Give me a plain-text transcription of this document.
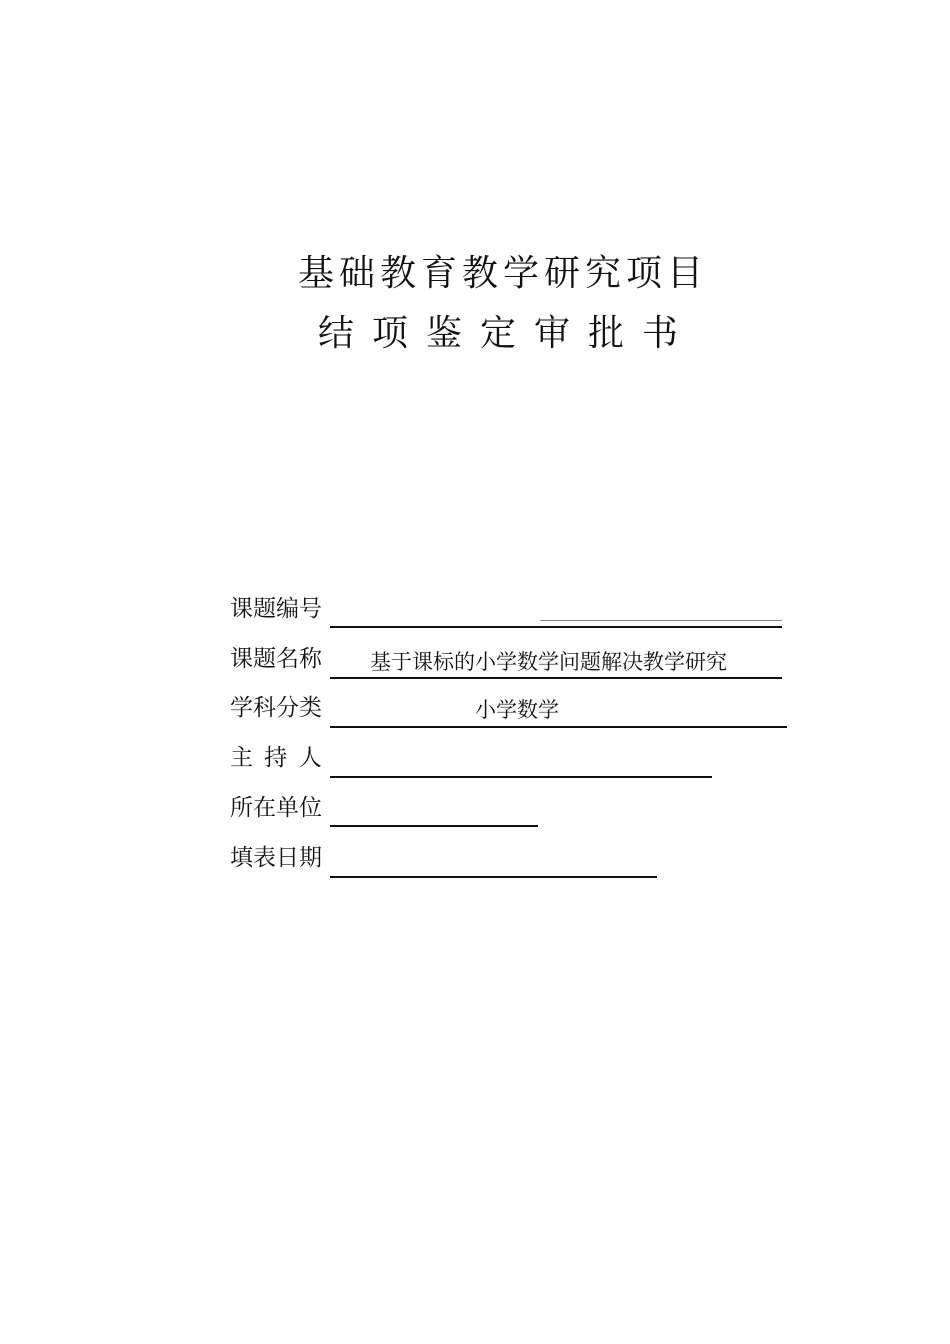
基础教育教学研究项目
结项鉴定审批书
课题编号
课题名称 基于课标的小学数学问题解决教学研究
学科分类	小学数学
主 持 人
所在单位
填表日期
